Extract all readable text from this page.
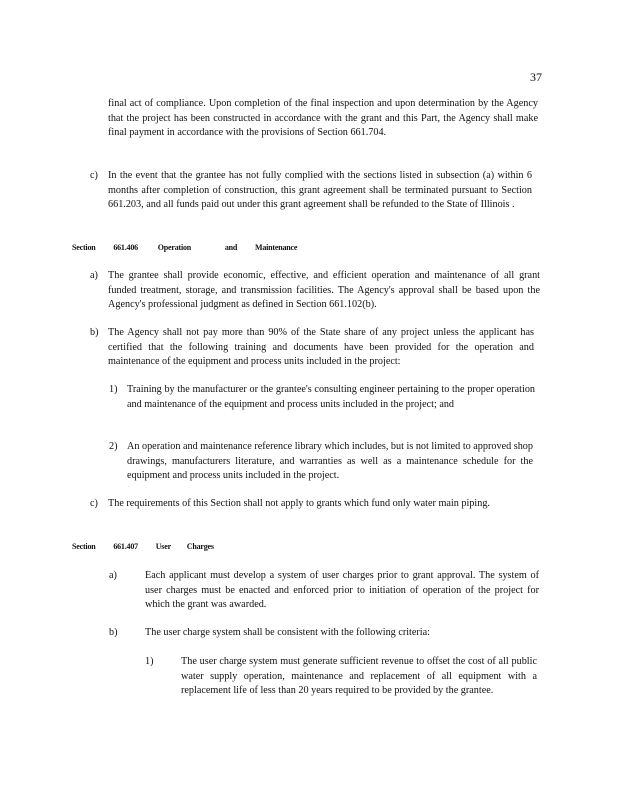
37
final act of compliance. Upon completion of the final inspection and upon determination by the Agency that the project has been constructed in accordance with the grant and this Part, the Agency shall make final payment in accordance with the provisions of Section 661.704.
c) In the event that the grantee has not fully complied with the sections listed in subsection (a) within 6 months after completion of construction, this grant agreement shall be terminated pursuant to Section 661.203, and all funds paid out under this grant agreement shall be refunded to the State of Illinois .
Section 661.406 Operation	and Maintenance
a) The grantee shall provide economic, effective, and efficient operation and maintenance of all grant funded treatment, storage, and transmission facilities. The Agency's approval shall be based upon the Agency's professional judgment as defined in Section 661.102(b).
b) The Agency shall not pay more than 90% of the State share of any project unless the applicant has certified that the following training and documents have been provided for the operation and maintenance of the equipment and process units included in the project:
1) Training by the manufacturer or the grantee's consulting engineer pertaining to the proper operation and maintenance of the equipment and process units included in the project; and
2) An operation and maintenance reference library which includes, but is not limited to approved shop drawings, manufacturers literature, and warranties as well as a maintenance schedule for the equipment and process units included in the project.
c) The requirements of this Section shall not apply to grants which fund only water main piping.
Section 661.407 User Charges
a)	Each applicant must develop a system of user charges prior to grant approval. The system of user charges must be enacted and enforced prior to initiation of operation of the project for which the grant was awarded.
b)	The user charge system shall be consistent with the following criteria:
1)	The user charge system must generate sufficient revenue to offset the cost of all public water supply operation, maintenance and replacement of all equipment with a replacement life of less than 20 years required to be provided by the grantee.
